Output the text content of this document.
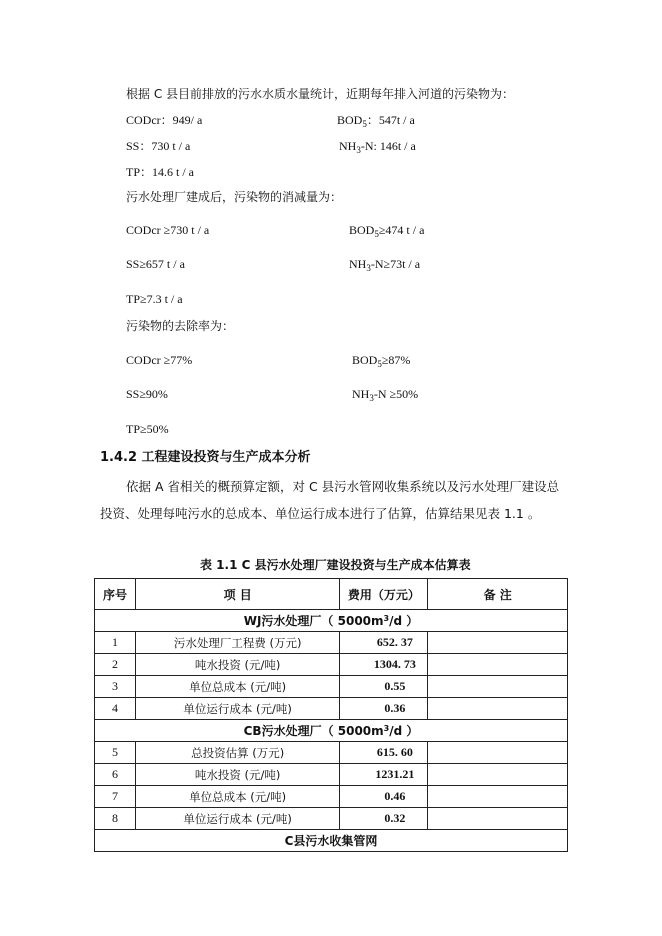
根据 C 县目前排放的污水水质水量统计，近期每年排入河道的污染物为：
CODcr：949/ a	$BOD_5$：547t / a
SS：730 t / a	$NH_3-N$: 146t / a
TP：14.6 t / a
污水处理厂建成后，污染物的消减量为：
CODcr ≥730 t / a	$BOD_5\ge 474$ t / a
SS≥657 t / a	$NH_3-N\ge 73t / a$
TP≥7.3 t / a
污染物的去除率为：
CODcr ≥77%	$BOD_5\ge 87\%$
SS≥90%	$NH_3-N \ge 50\%$
TP≥50%
1.4.2 工程建设投资与生产成本分析
依据 A 省相关的概预算定额，对 C 县污水管网收集系统以及污水处理厂建设总投资、处理每吨污水的总成本、单位运行成本进行了估算，估算结果见表 1.1 。
表 1.1 C 县污水处理厂建设投资与生产成本估算表
序号	项 目	费用（万元）	备 注
WJ污水处理厂（ $5000m^3/d$ ）			
1	污水处理厂工程费 (万元)	652. 37	
2	吨水投资 (元/吨)	1304. 73	
3	单位总成本 (元/吨)	0.55	
4	单位运行成本 (元/吨)	0.36	
CB污水处理厂（ $5000m^3/d$ ）			
5	总投资估算 (万元)	615. 60	
6	吨水投资 (元/吨)	1231.21	
7	单位总成本 (元/吨)	0.46	
8	单位运行成本 (元/吨)	0.32	
C县污水收集管网			
